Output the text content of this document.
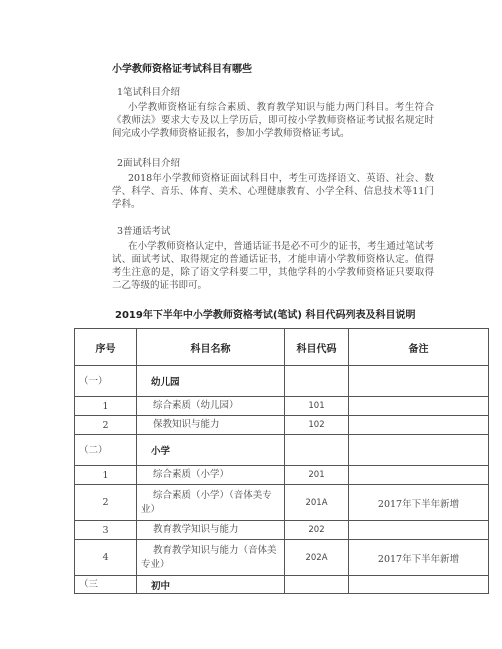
小学教师资格证考试科目有哪些
1笔试科目介绍

小学教师资格证有综合素质、教育教学知识与能力两门科目。考生符合《教师法》要求大专及以上学历后，即可按小学教师资格证考试报名规定时间完成小学教师资格证报名，参加小学教师资格证考试。

2面试科目介绍

2018年小学教师资格证面试科目中，考生可选择语文、英语、社会、数学、科学、音乐、体育、美术、心理健康教育、小学全科、信息技术等11门学科。

3普通话考试

在小学教师资格认定中，普通话证书是必不可少的证书，考生通过笔试考试、面试考试、取得规定的普通话证书，才能申请小学教师资格认定。值得考生注意的是，除了语文学科要二甲，其他学科的小学教师资格证只要取得二乙等级的证书即可。

2019年下半年中小学教师资格考试(笔试) 科目代码列表及科目说明
序号	科目名称	科目代码	备注
（一）	幼儿园		
1	综合素质（幼儿园）	101	
2	保教知识与能力	102	
（二）	小学		
1	综合素质（小学）	201	
2	综合素质（小学）（音体美专业）	201A	2017年下半年新增
3	教育教学知识与能力	202	
4	教育教学知识与能力（音体美专业）	202A	2017年下半年新增
（三	初中		
